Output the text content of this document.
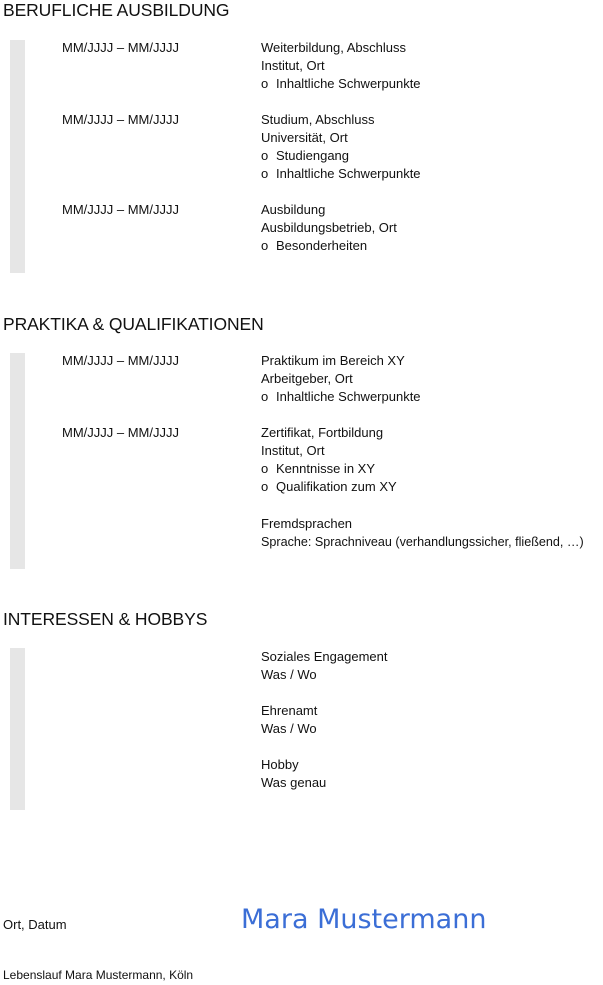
BERUFLICHE AUSBILDUNG
MM/JJJJ – MM/JJJJ	Weiterbildung, Abschluss
Institut, Ort
o Inhaltliche Schwerpunkte
MM/JJJJ – MM/JJJJ	Studium, Abschluss
Universität, Ort
o Studiengang
o Inhaltliche Schwerpunkte
MM/JJJJ – MM/JJJJ	Ausbildung
Ausbildungsbetrieb, Ort
o Besonderheiten
PRAKTIKA & QUALIFIKATIONEN
MM/JJJJ – MM/JJJJ	Praktikum im Bereich XY
Arbeitgeber, Ort
o Inhaltliche Schwerpunkte
MM/JJJJ – MM/JJJJ	Zertifikat, Fortbildung
Institut, Ort
o Kenntnisse in XY
o Qualifikation zum XY
Fremdsprachen
Sprache: Sprachniveau (verhandlungssicher, fließend, …)
INTERESSEN & HOBBYS
Soziales Engagement
Was / Wo
Ehrenamt
Was / Wo
Hobby
Was genau
Ort, Datum	Mara Mustermann
Lebenslauf Mara Mustermann, Köln
